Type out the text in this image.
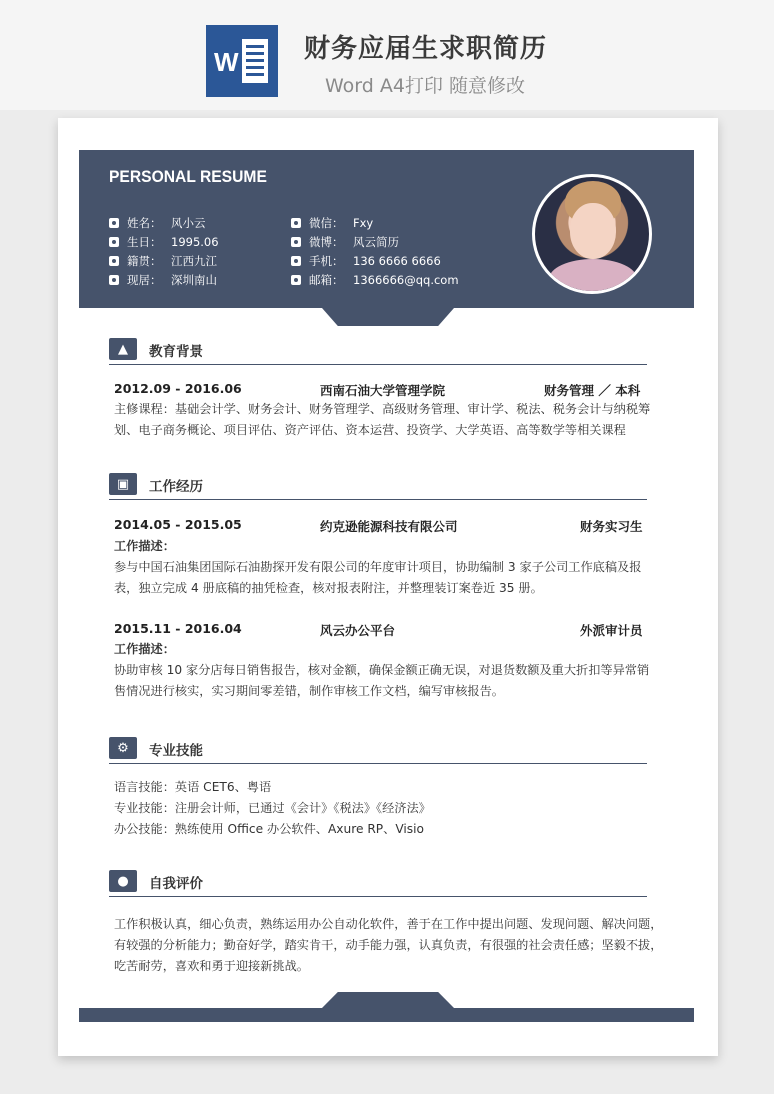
W	财务应届生求职简历
Word A4打印 随意修改
PERSONAL RESUME
姓名： 风小云
生日： 1995.06
籍贯： 江西九江
现居： 深圳南山
微信： Fxy
微博： 风云简历
手机： 136 6666 6666
邮箱： 1366666@qq.com
▲	教育背景
2012.09 - 2016.06	西南石油大学管理学院	财务管理 ／ 本科
主修课程：基础会计学、财务会计、财务管理学、高级财务管理、审计学、税法、税务会计与纳税筹
划、电子商务概论、项目评估、资产评估、资本运营、投资学、大学英语、高等数学等相关课程
▣	工作经历
2014.05 - 2015.05	约克逊能源科技有限公司	财务实习生
工作描述：
参与中国石油集团国际石油勘探开发有限公司的年度审计项目，协助编制 3 家子公司工作底稿及报
表，独立完成 4 册底稿的抽凭检查，核对报表附注，并整理装订案卷近 35 册。
2015.11 - 2016.04	风云办公平台	外派审计员
工作描述：
协助审核 10 家分店每日销售报告，核对金额，确保金额正确无误，对退货数额及重大折扣等异常销
售情况进行核实，实习期间零差错，制作审核工作文档，编写审核报告。
⚙	专业技能
语言技能：英语 CET6、粤语
专业技能：注册会计师，已通过《会计》《税法》《经济法》
办公技能：熟练使用 Office 办公软件、Axure RP、Visio
●	自我评价
工作积极认真，细心负责，熟练运用办公自动化软件，善于在工作中提出问题、发现问题、解决问题，
有较强的分析能力；勤奋好学，踏实肯干，动手能力强，认真负责，有很强的社会责任感；坚毅不拔，
吃苦耐劳，喜欢和勇于迎接新挑战。
